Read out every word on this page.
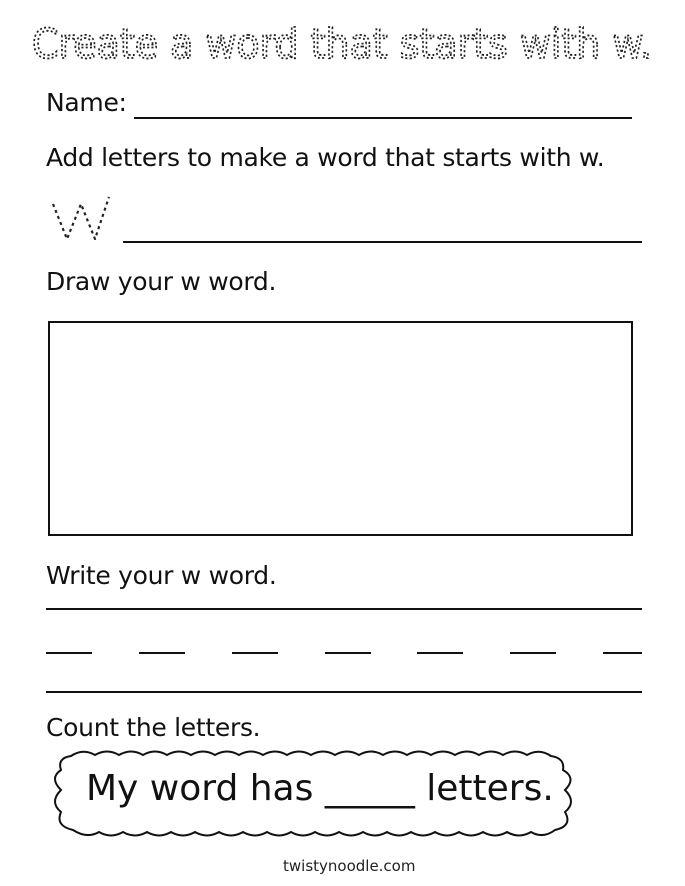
Create a word that starts with w.
Name:
Add letters to make a word that starts with w.
Draw your w word.
Write your w word.
Count the letters.
My word has _____ letters.
twistynoodle.com
